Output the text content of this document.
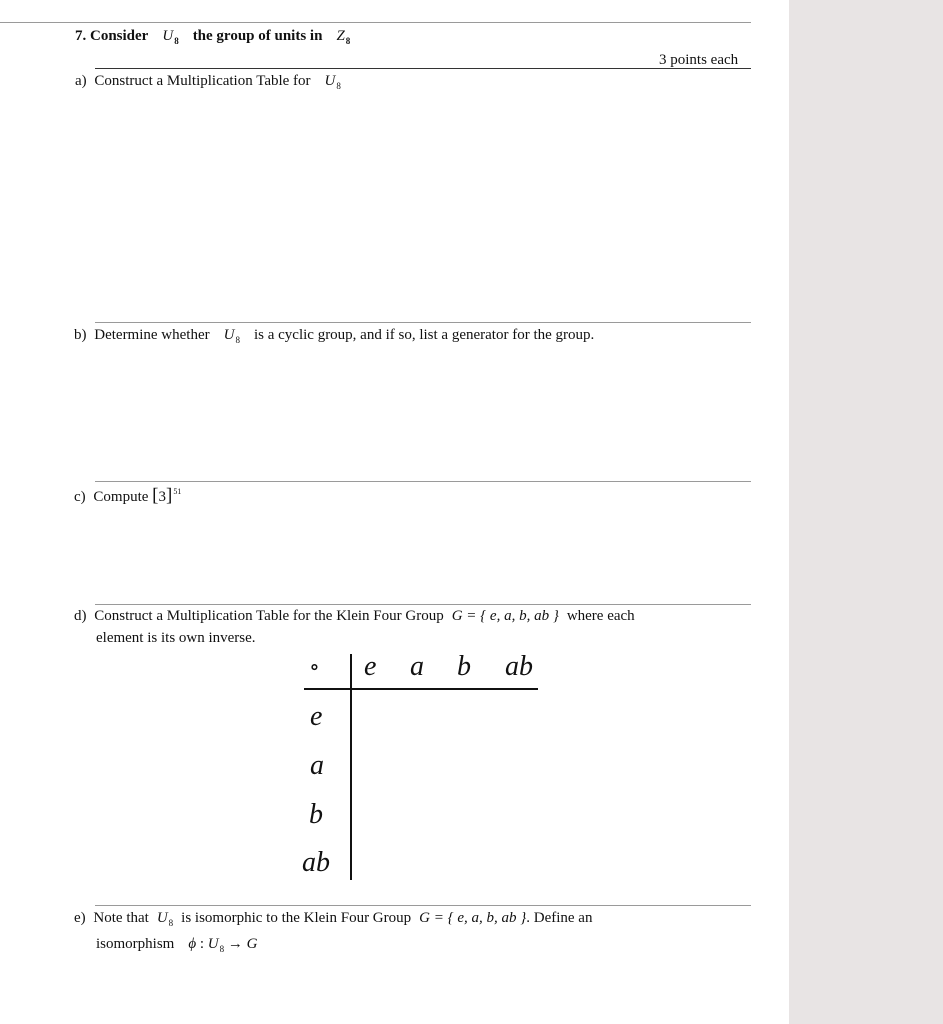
7. Consider $U_8$ the group of units in $Z_8$
3 points each
a) Construct a Multiplication Table for $U_8$
b) Determine whether $U_8$ is a cyclic group, and if so, list a generator for the group.
c) Compute $[3]^{51}$
d) Construct a Multiplication Table for the Klein Four Group G = { e, a, b, ab } where each
element is its own inverse.
∘ e a b ab
e
a
b
ab
e) Note that $U_8$ is isomorphic to the Klein Four Group G = { e, a, b, ab }. Define an
isomorphism ϕ : $U_8 \to G$
